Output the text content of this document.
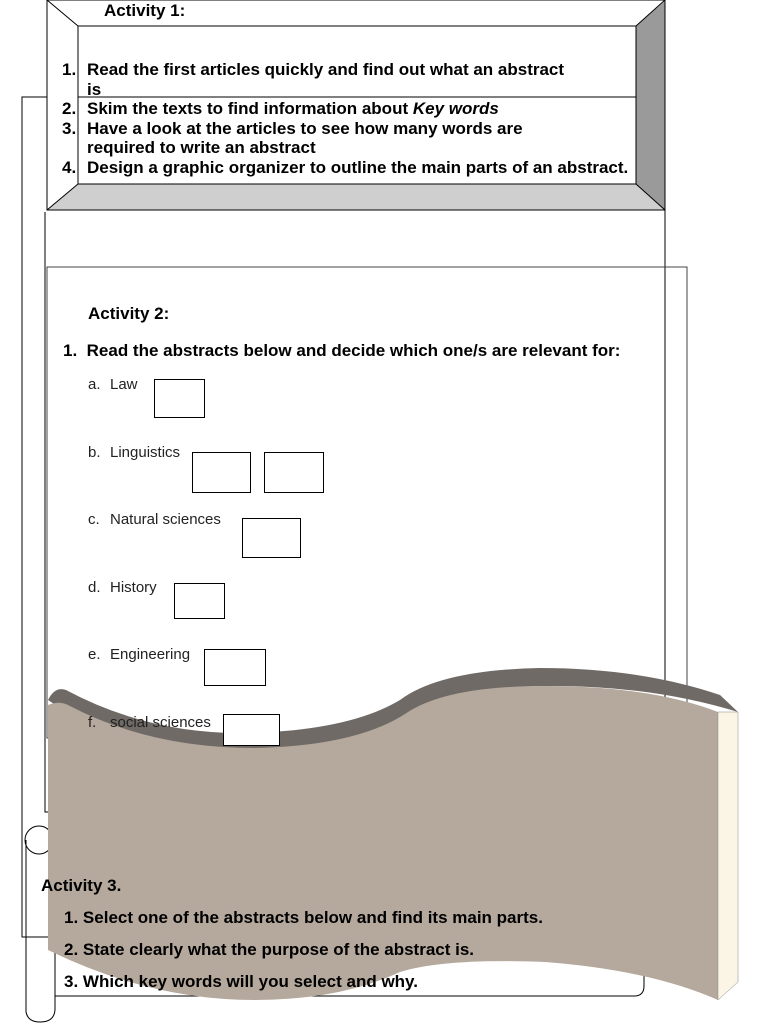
Activity 1:
1. Read the first articles quickly and find out what an abstract
is
2. Skim the texts to find information about Key words
3. Have a look at the articles to see how many words are
required to write an abstract
4. Design a graphic organizer to outline the main parts of an abstract.
Activity 2:
1. Read the abstracts below and decide which one/s are relevant for:
a. Law
b. Linguistics
c. Natural sciences
d. History
e. Engineering
f. social sciences
Activity 3.
1. Select one of the abstracts below and find its main parts.
2. State clearly what the purpose of the abstract is.
3. Which key words will you select and why.
